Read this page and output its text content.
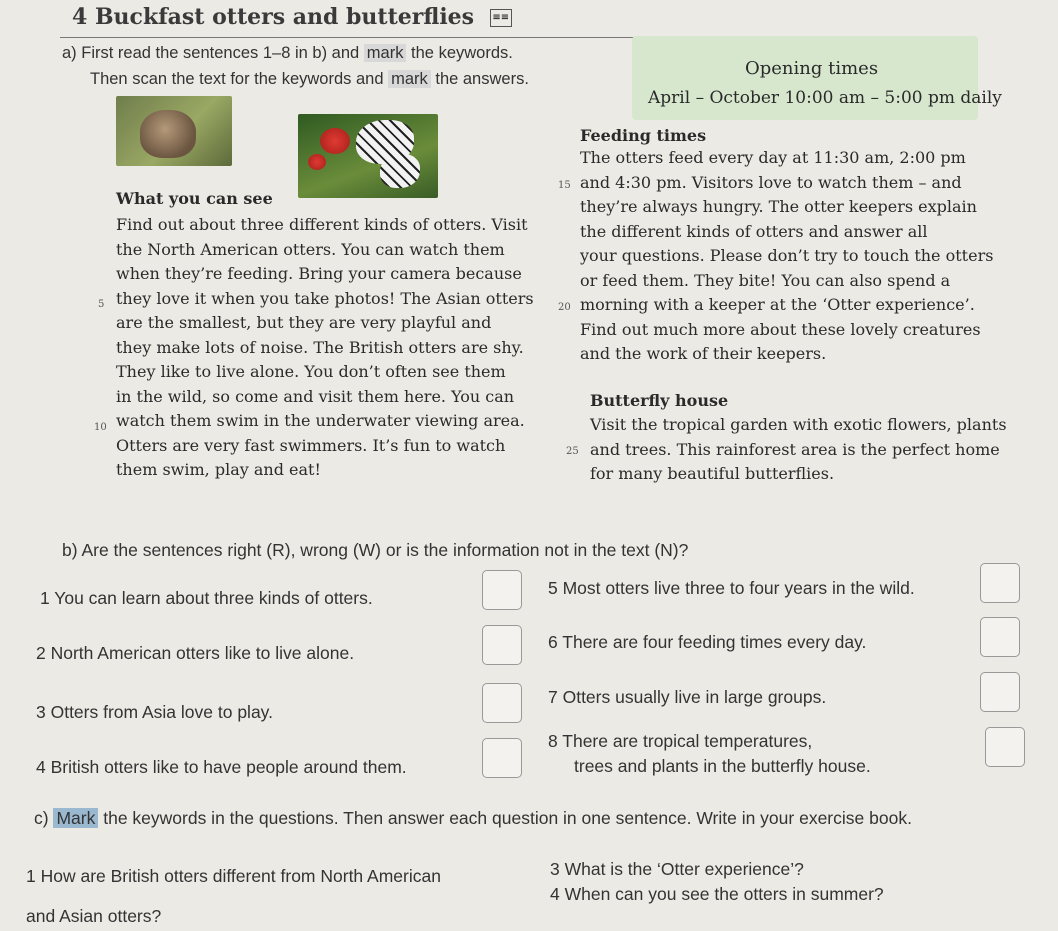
4 Buckfast otters and butterflies ≡≡
a) First read the sentences 1–8 in b) and mark the keywords.
Then scan the text for the keywords and mark the answers.	Opening times
April – October 10:00 am – 5:00 pm daily
What you can see
Find out about three different kinds of otters. Visit
the North American otters. You can watch them
when they’re feeding. Bring your camera because
they love it when you take photos! The Asian otters
are the smallest, but they are very playful and
they make lots of noise. The British otters are shy.
They like to live alone. You don’t often see them
in the wild, so come and visit them here. You can
watch them swim in the underwater viewing area.
Otters are very fast swimmers. It’s fun to watch
them swim, play and eat!
5
10
Feeding times
The otters feed every day at 11:30 am, 2:00 pm
and 4:30 pm. Visitors love to watch them – and
they’re always hungry. The otter keepers explain
the different kinds of otters and answer all
your questions. Please don’t try to touch the otters
or feed them. They bite! You can also spend a
morning with a keeper at the ‘Otter experience’.
Find out much more about these lovely creatures
and the work of their keepers.
15
20
Butterfly house
Visit the tropical garden with exotic flowers, plants
and trees. This rainforest area is the perfect home
for many beautiful butterflies.
25
b) Are the sentences right (R), wrong (W) or is the information not in the text (N)?
1 You can learn about three kinds of otters.
2 North American otters like to live alone.
3 Otters from Asia love to play.
4 British otters like to have people around them.
5 Most otters live three to four years in the wild.
6 There are four feeding times every day.
7 Otters usually live in large groups.
8 There are tropical temperatures,
trees and plants in the butterfly house.
c) Mark the keywords in the questions. Then answer each question in one sentence. Write in your exercise book.
1 How are British otters different from North American
and Asian otters?
3 What is the ‘Otter experience’?
4 When can you see the otters in summer?
